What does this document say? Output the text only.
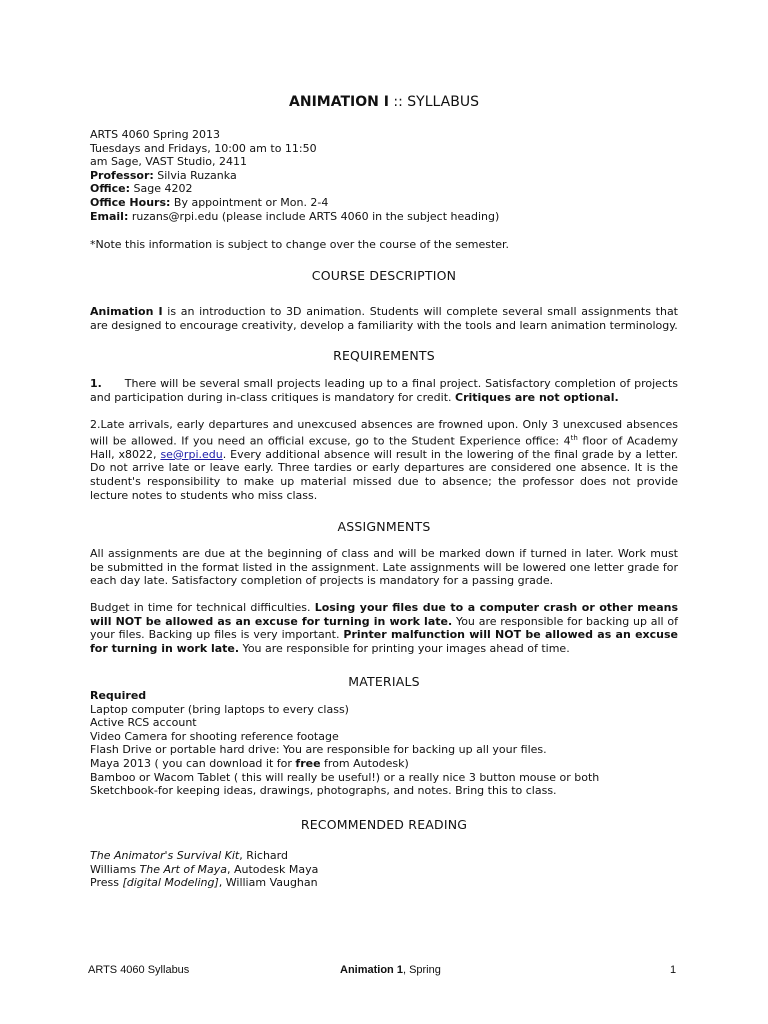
ANIMATION I :: SYLLABUS
ARTS 4060 Spring 2013
Tuesdays and Fridays, 10:00 am to 11:50
am Sage, VAST Studio, 2411
Professor: Silvia Ruzanka
Office: Sage 4202
Office Hours: By appointment or Mon. 2-4
Email: ruzans@rpi.edu (please include ARTS 4060 in the subject heading)
*Note this information is subject to change over the course of the semester.
COURSE DESCRIPTION
Animation I is an introduction to 3D animation. Students will complete several small assignments that are designed to encourage creativity, develop a familiarity with the tools and learn animation terminology.
REQUIREMENTS
1. There will be several small projects leading up to a final project. Satisfactory completion of projects and participation during in-class critiques is mandatory for credit. Critiques are not optional.
2.Late arrivals, early departures and unexcused absences are frowned upon. Only 3 unexcused absences will be allowed. If you need an official excuse, go to the Student Experience office: 4th floor of Academy Hall, x8022, se@rpi.edu. Every additional absence will result in the lowering of the final grade by a letter. Do not arrive late or leave early. Three tardies or early departures are considered one absence. It is the student's responsibility to make up material missed due to absence; the professor does not provide lecture notes to students who miss class.
ASSIGNMENTS
All assignments are due at the beginning of class and will be marked down if turned in later. Work must be submitted in the format listed in the assignment. Late assignments will be lowered one letter grade for each day late. Satisfactory completion of projects is mandatory for a passing grade.
Budget in time for technical difficulties. Losing your files due to a computer crash or other means will NOT be allowed as an excuse for turning in work late. You are responsible for backing up all of your files. Backing up files is very important. Printer malfunction will NOT be allowed as an excuse for turning in work late. You are responsible for printing your images ahead of time.
MATERIALS
Required
Laptop computer (bring laptops to every class)
Active RCS account
Video Camera for shooting reference footage
Flash Drive or portable hard drive: You are responsible for backing up all your files.
Maya 2013 ( you can download it for free from Autodesk)
Bamboo or Wacom Tablet ( this will really be useful!) or a really nice 3 button mouse or both
Sketchbook-for keeping ideas, drawings, photographs, and notes. Bring this to class.
RECOMMENDED READING
The Animator's Survival Kit, Richard
Williams The Art of Maya, Autodesk Maya
Press [digital Modeling], William Vaughan
ARTS 4060 Syllabus	Animation 1, Spring	1
